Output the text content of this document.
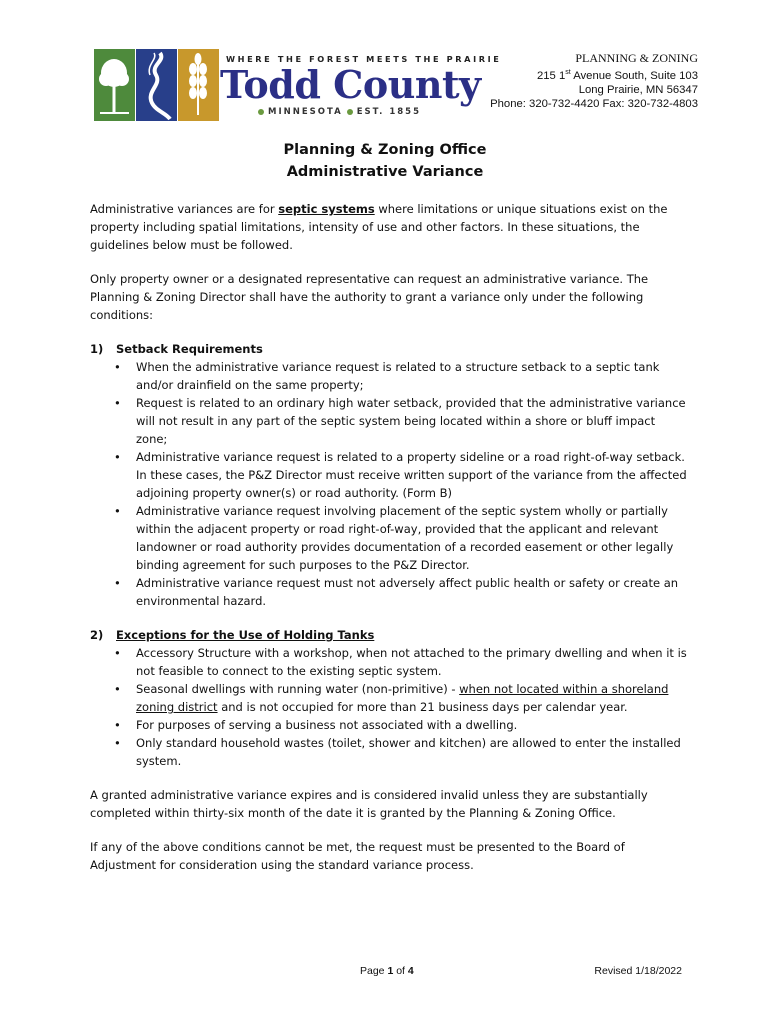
WHERE THE FOREST MEETS THE PRAIRIE
Todd County
MINNESOTA EST. 1855
PLANNING & ZONING
215 1st Avenue South, Suite 103
Long Prairie, MN 56347
Phone: 320-732-4420 Fax: 320-732-4803
Planning & Zoning Office
Administrative Variance

Administrative variances are for septic systems where limitations or unique situations exist on the property including spatial limitations, intensity of use and other factors. In these situations, the guidelines below must be followed.

Only property owner or a designated representative can request an administrative variance. The Planning & Zoning Director shall have the authority to grant a variance only under the following conditions:

1) Setback Requirements

• When the administrative variance request is related to a structure setback to a septic tank and/or drainfield on the same property;
• Request is related to an ordinary high water setback, provided that the administrative variance will not result in any part of the septic system being located within a shore or bluff impact zone;
• Administrative variance request is related to a property sideline or a road right-of-way setback. In these cases, the P&Z Director must receive written support of the variance from the affected adjoining property owner(s) or road authority. (Form B)
• Administrative variance request involving placement of the septic system wholly or partially within the adjacent property or road right-of-way, provided that the applicant and relevant landowner or road authority provides documentation of a recorded easement or other legally binding agreement for such purposes to the P&Z Director.
• Administrative variance request must not adversely affect public health or safety or create an environmental hazard.

2) Exceptions for the Use of Holding Tanks

• Accessory Structure with a workshop, when not attached to the primary dwelling and when it is not feasible to connect to the existing septic system.
• Seasonal dwellings with running water (non-primitive) - when not located within a shoreland zoning district and is not occupied for more than 21 business days per calendar year.
• For purposes of serving a business not associated with a dwelling.
• Only standard household wastes (toilet, shower and kitchen) are allowed to enter the installed system.

A granted administrative variance expires and is considered invalid unless they are substantially completed within thirty-six month of the date it is granted by the Planning & Zoning Office.

If any of the above conditions cannot be met, the request must be presented to the Board of Adjustment for consideration using the standard variance process.

Page 1 of 4	Revised 1/18/2022
